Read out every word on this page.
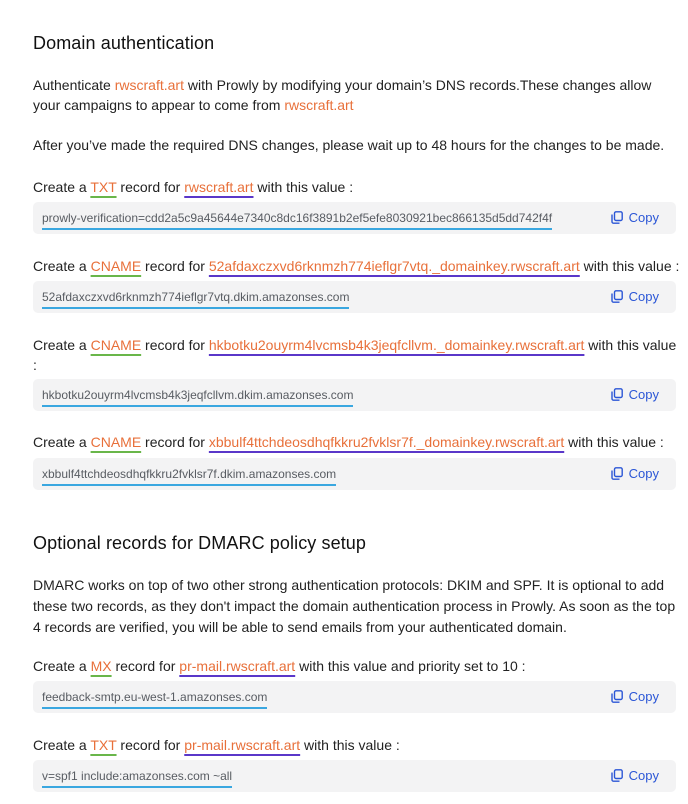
Domain authentication

Authenticate rwscraft.art with Prowly by modifying your domain’s DNS records.These changes allow your campaigns to appear to come from rwscraft.art

After you’ve made the required DNS changes, please wait up to 48 hours for the changes to be made.

Create a TXT record for rwscraft.art with this value :

prowly-verification=cdd2a5c9a45644e7340c8dc16f3891b2ef5efe8030921bec866135d5dd742f4f	Copy

Create a CNAME record for 52afdaxczxvd6rknmzh774ieflgr7vtq._domainkey.rwscraft.art with this value :

52afdaxczxvd6rknmzh774ieflgr7vtq.dkim.amazonses.com	Copy

Create a CNAME record for hkbotku2ouyrm4lvcmsb4k3jeqfcllvm._domainkey.rwscraft.art with this value :

hkbotku2ouyrm4lvcmsb4k3jeqfcllvm.dkim.amazonses.com	Copy

Create a CNAME record for xbbulf4ttchdeosdhqfkkru2fvklsr7f._domainkey.rwscraft.art with this value :

xbbulf4ttchdeosdhqfkkru2fvklsr7f.dkim.amazonses.com	Copy
Optional records for DMARC policy setup

DMARC works on top of two other strong authentication protocols: DKIM and SPF. It is optional to add these two records, as they don't impact the domain authentication process in Prowly. As soon as the top 4 records are verified, you will be able to send emails from your authenticated domain.

Create a MX record for pr-mail.rwscraft.art with this value and priority set to 10 :

feedback-smtp.eu-west-1.amazonses.com	Copy

Create a TXT record for pr-mail.rwscraft.art with this value :

v=spf1 include:amazonses.com ~all	Copy
